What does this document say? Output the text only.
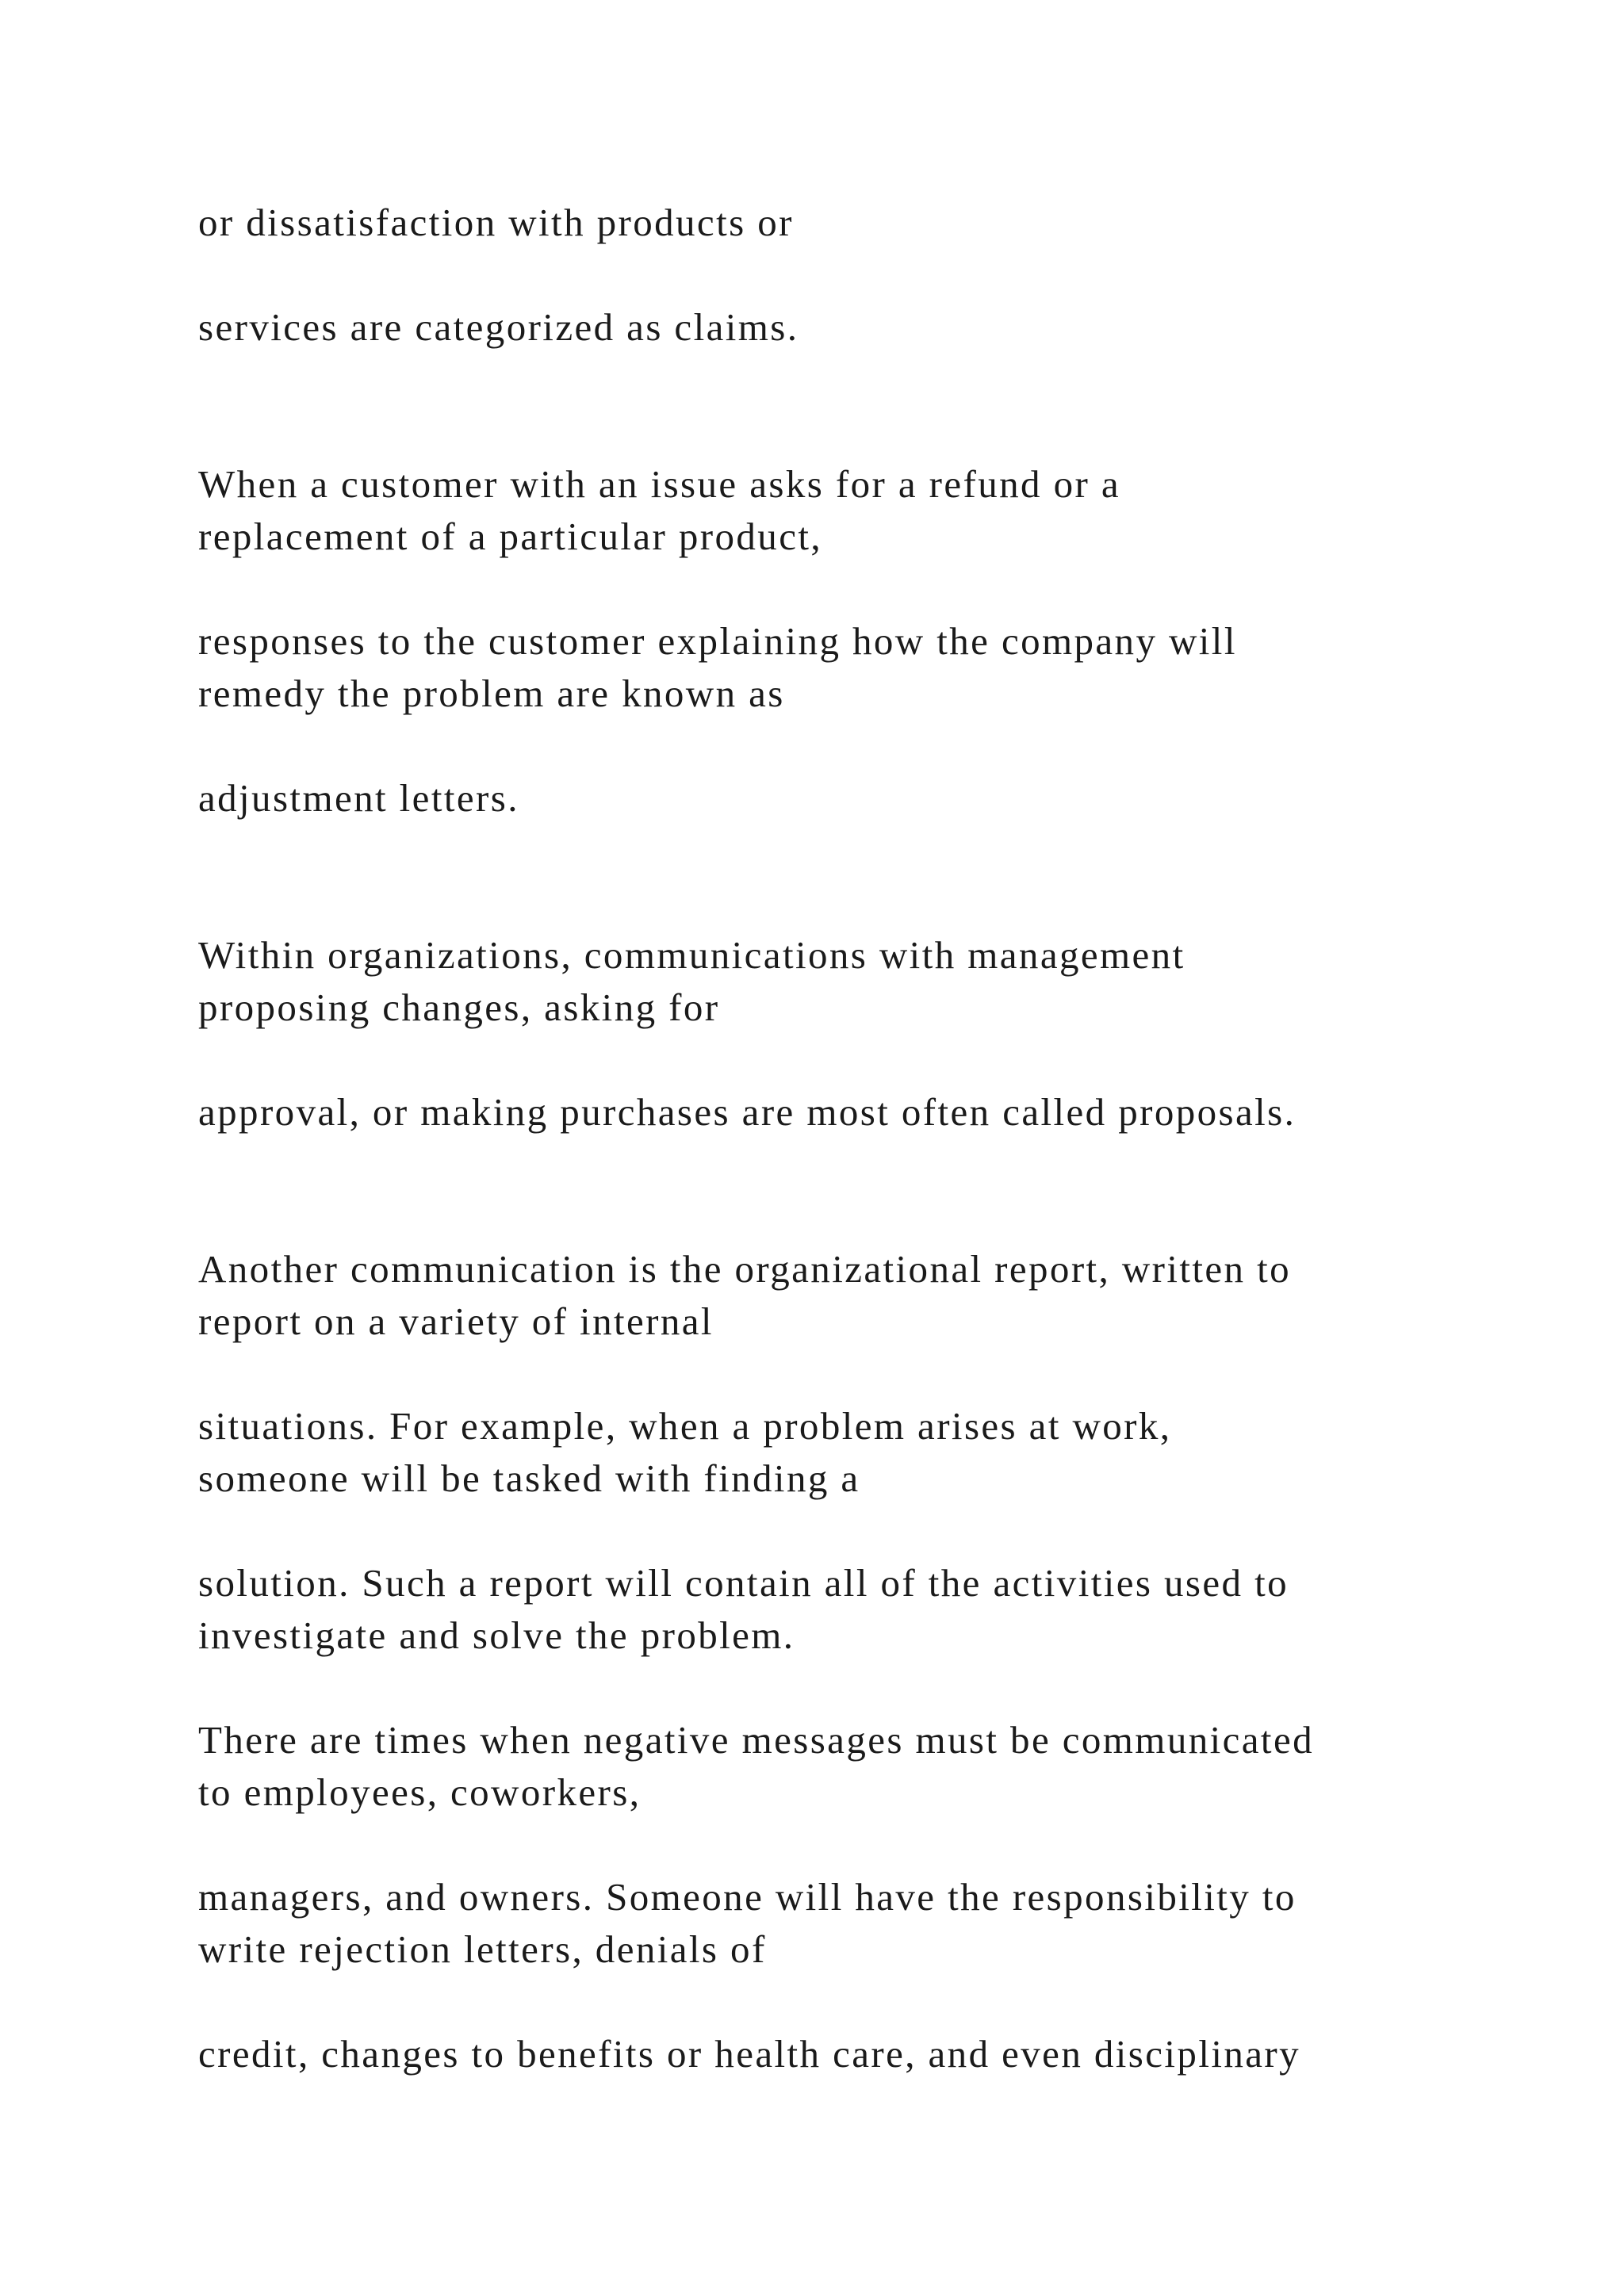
or dissatisfaction with products or

services are categorized as claims.

When a customer with an issue asks for a refund or a

replacement of a particular product,

responses to the customer explaining how the company will

remedy the problem are known as

adjustment letters.

Within organizations, communications with management

proposing changes, asking for

approval, or making purchases are most often called proposals.

Another communication is the organizational report, written to

report on a variety of internal

situations. For example, when a problem arises at work,

someone will be tasked with finding a

solution. Such a report will contain all of the activities used to

investigate and solve the problem.

There are times when negative messages must be communicated

to employees, coworkers,

managers, and owners. Someone will have the responsibility to

write rejection letters, denials of

credit, changes to benefits or health care, and even disciplinary
